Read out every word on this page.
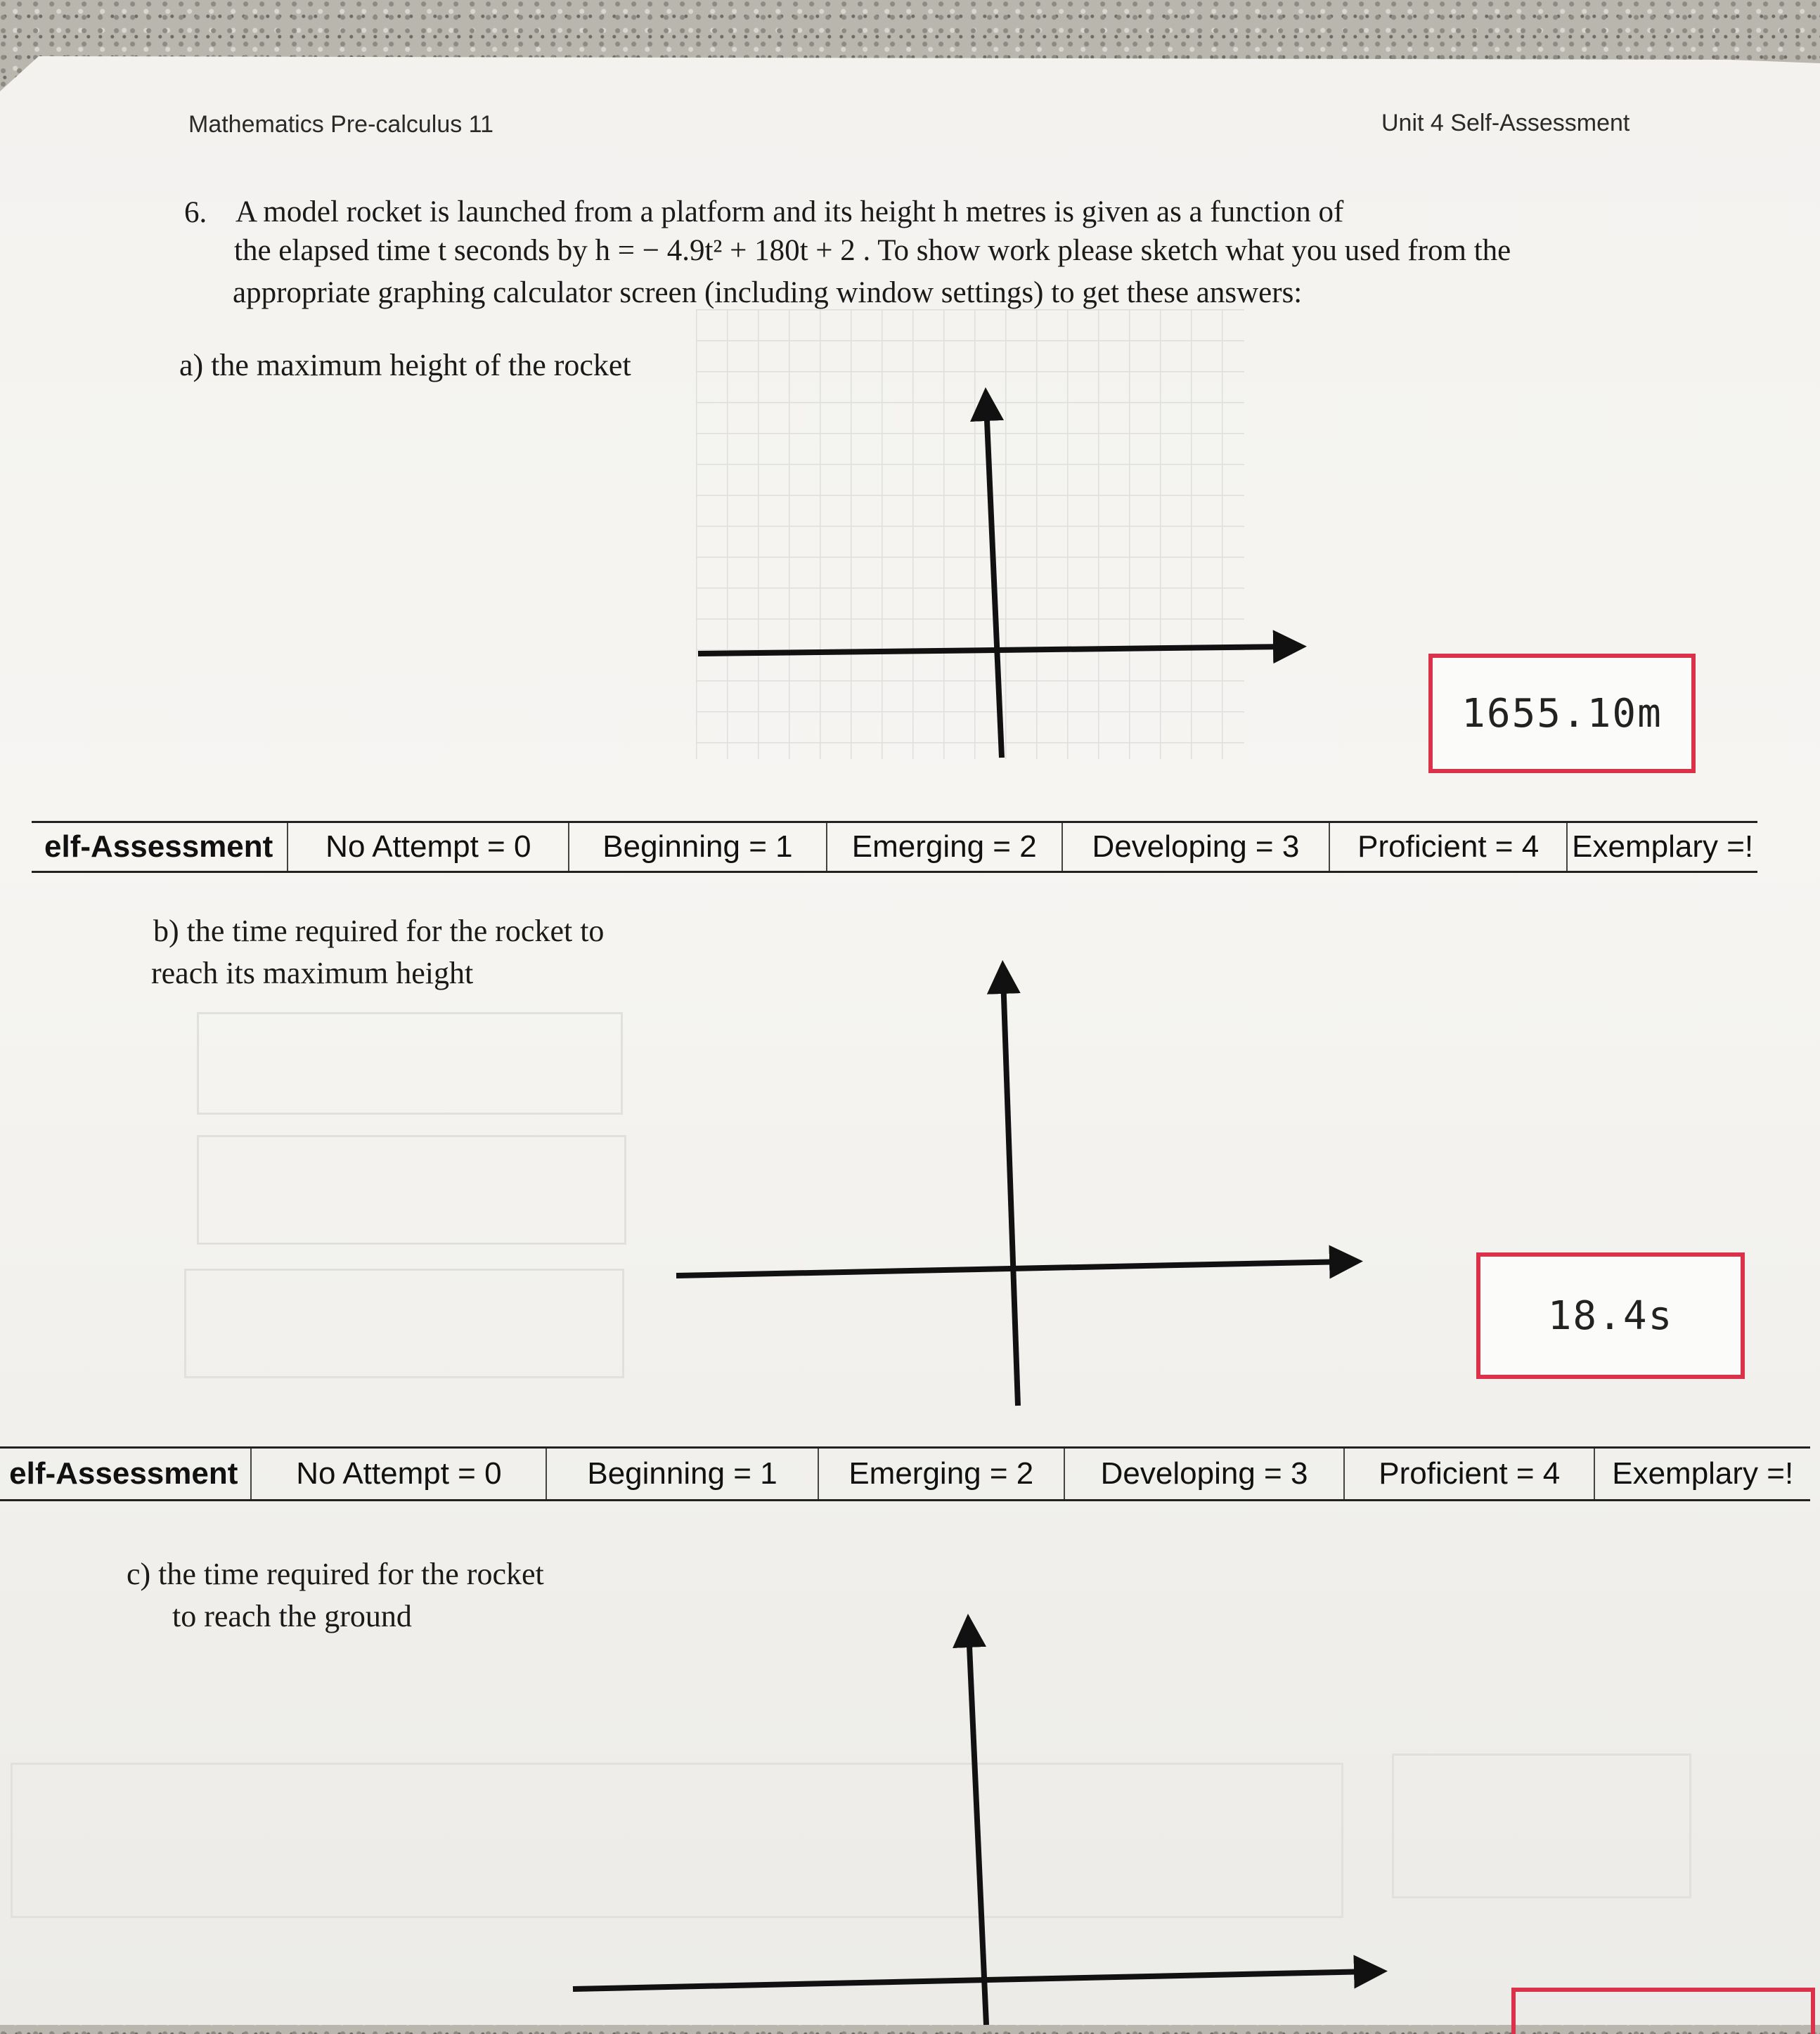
Mathematics Pre-calculus 11	Unit 4 Self-Assessment
6. A model rocket is launched from a platform and its height h metres is given as a function of
the elapsed time t seconds by h = − 4.9t² + 180t + 2 . To show work please sketch what you used from the
appropriate graphing calculator screen (including window settings) to get these answers:
a) the maximum height of the rocket
1655.10m
elf-Assessment	No Attempt = 0	Beginning = 1	Emerging = 2	Developing = 3	Proficient = 4	Exemplary =!
b) the time required for the rocket to
reach its maximum height
18.4s
elf-Assessment	No Attempt = 0	Beginning = 1	Emerging = 2	Developing = 3	Proficient = 4	Exemplary =!
c) the time required for the rocket
to reach the ground
